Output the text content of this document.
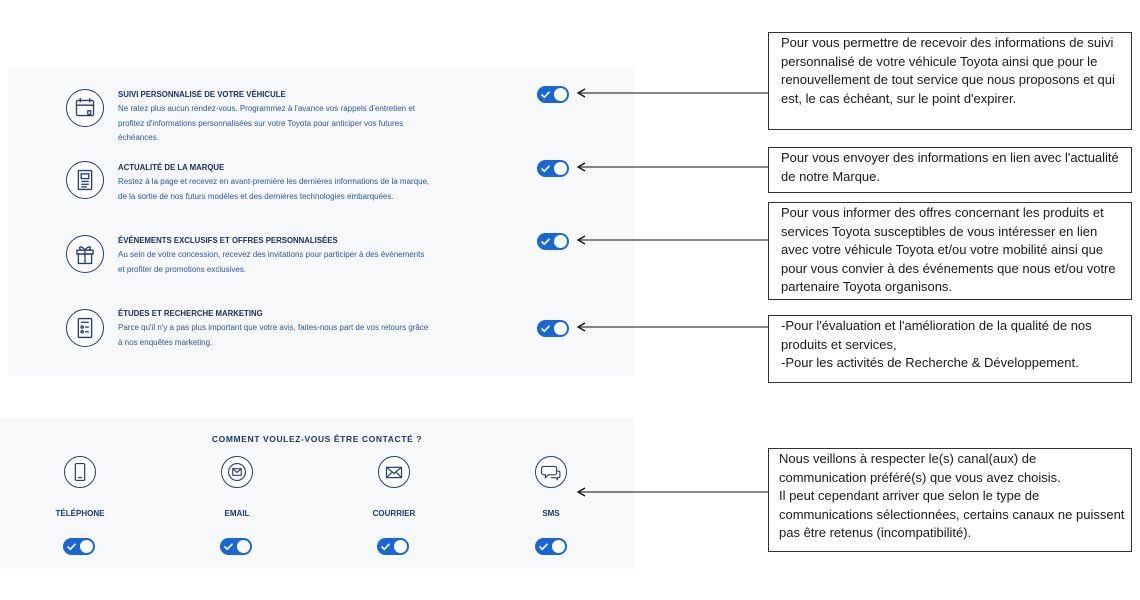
SUIVI PERSONNALISÉ DE VOTRE VÉHICULE
Ne ratez plus aucun rendez-vous. Programmez à l'avance vos rappels d'entretien et profitez d'informations personnalisées sur votre Toyota pour anticiper vos futures échéances.
ACTUALITÉ DE LA MARQUE
Restez à la page et recevez en avant-première les dernières informations de la marque, de la sortie de nos futurs modèles et des dernières technologies embarquées.
ÉVÉNEMENTS EXCLUSIFS ET OFFRES PERSONNALISÉES
Au sein de votre concession, recevez des invitations pour participer à des événements et profiter de promotions exclusives.
ÉTUDES ET RECHERCHE MARKETING
Parce qu'il n'y a pas plus important que votre avis, faites-nous part de vos retours grâce à nos enquêtes marketing.
COMMENT VOULEZ-VOUS ÊTRE CONTACTÉ ?
TÉLÉPHONE	EMAIL	COURRIER	SMS

Pour vous permettre de recevoir des informations de suivi personnalisé de votre véhicule Toyota ainsi que pour le renouvellement de tout service que nous proposons et qui est, le cas échéant, sur le point d'expirer.

Pour vous envoyer des informations en lien avec l'actualité de notre Marque.

Pour vous informer des offres concernant les produits et services Toyota susceptibles de vous intéresser en lien avec votre véhicule Toyota et/ou votre mobilité ainsi que pour vous convier à des événements que nous et/ou votre partenaire Toyota organisons.

-Pour l'évaluation et l'amélioration de la qualité de nos produits et services,
-Pour les activités de Recherche & Développement.

Nous veillons à respecter le(s) canal(aux) de communication préféré(s) que vous avez choisis.
Il peut cependant arriver que selon le type de communications sélectionnées, certains canaux ne puissent pas être retenus (incompatibilité).
